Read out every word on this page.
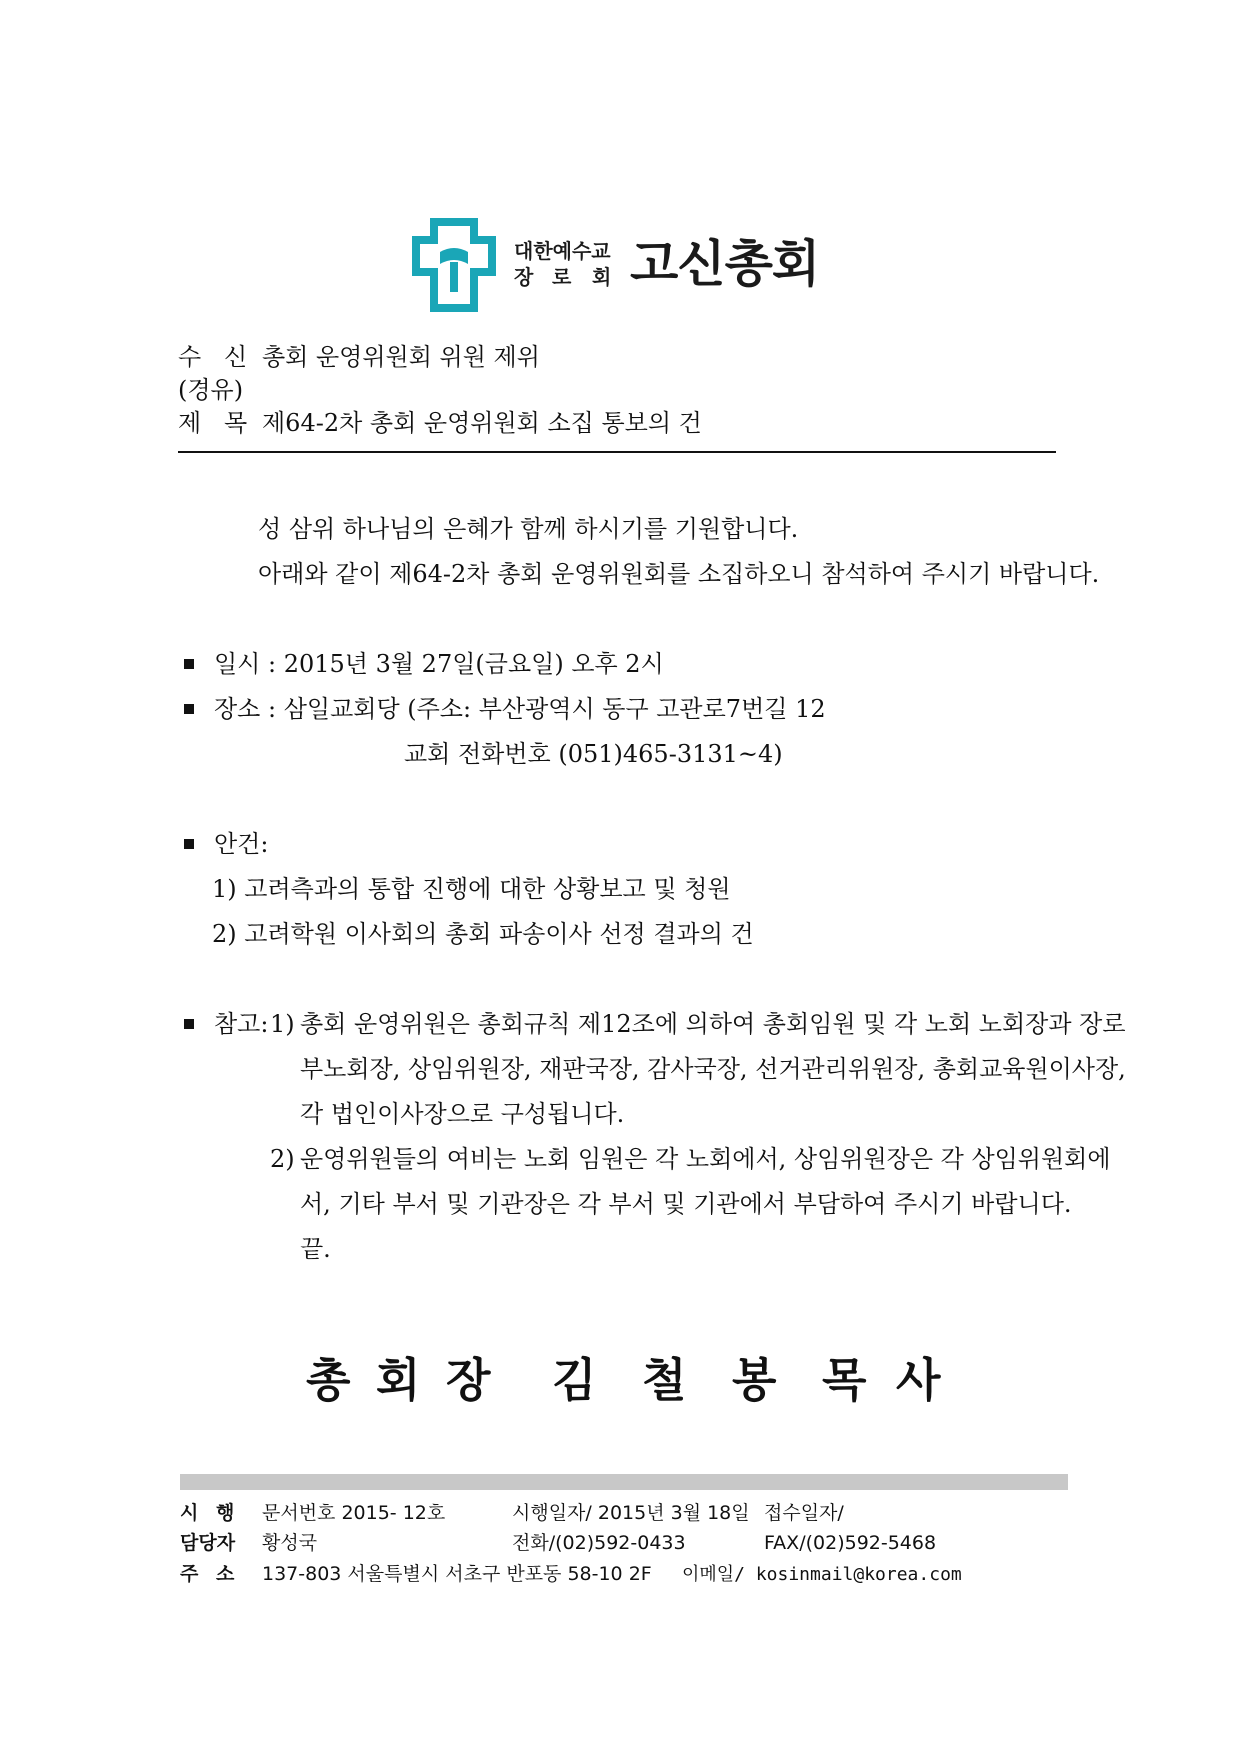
대한예수교
장 로 회 고신총회
수 신 총회 운영위원회 위원 제위
(경유)
제 목 제64-2차 총회 운영위원회 소집 통보의 건
성 삼위 하나님의 은혜가 함께 하시기를 기원합니다.
아래와 같이 제64-2차 총회 운영위원회를 소집하오니 참석하여 주시기 바랍니다.
일시 : 2015년 3월 27일(금요일) 오후 2시
장소 : 삼일교회당 (주소: 부산광역시 동구 고관로7번길 12
교회 전화번호 (051)465-3131~4)
안건:
1) 고려측과의 통합 진행에 대한 상황보고 및 청원
2) 고려학원 이사회의 총회 파송이사 선정 결과의 건
참고: 1) 총회 운영위원은 총회규칙 제12조에 의하여 총회임원 및 각 노회 노회장과 장로
부노회장, 상임위원장, 재판국장, 감사국장, 선거관리위원장, 총회교육원이사장,
각 법인이사장으로 구성됩니다.
2) 운영위원들의 여비는 노회 임원은 각 노회에서, 상임위원장은 각 상임위원회에
서, 기타 부서 및 기관장은 각 부서 및 기관에서 부담하여 주시기 바랍니다.
끝.
총 회 장 김 철 봉 목 사
시 행 문서번호 2015- 12호	시행일자/ 2015년 3월 18일 접수일자/
담당자 황성국	전화/(02)592-0433	FAX/(02)592-5468
주 소 137-803 서울특별시 서초구 반포동 58-10 2F 이메일/ kosinmail@korea.com
